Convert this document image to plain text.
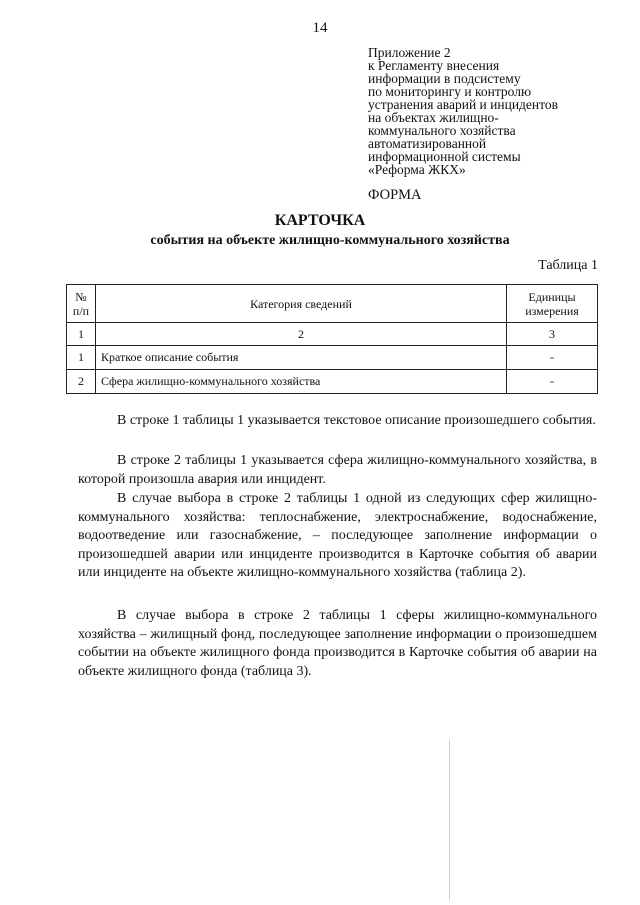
14
Приложение 2
к Регламенту внесения
информации в подсистему
по мониторингу и контролю
устранения аварий и инцидентов
на объектах жилищно-
коммунального хозяйства
автоматизированной
информационной системы
«Реформа ЖКХ»
ФОРМА
КАРТОЧКА
события на объекте жилищно-коммунального хозяйства
Таблица 1
№ п/п	Категория сведений	Единицы измерения
1	2	3
1	Краткое описание события	-
2	Сфера жилищно-коммунального хозяйства	-

В строке 1 таблицы 1 указывается текстовое описание произошедшего события.

В строке 2 таблицы 1 указывается сфера жилищно-коммунального хозяйства, в которой произошла авария или инцидент.

В случае выбора в строке 2 таблицы 1 одной из следующих сфер жилищно-коммунального хозяйства: теплоснабжение, электроснабжение, водоснабжение, водоотведение или газоснабжение, – последующее заполнение информации о произошедшей аварии или инциденте производится в Карточке события об аварии или инциденте на объекте жилищно-коммунального хозяйства (таблица 2).

В случае выбора в строке 2 таблицы 1 сферы жилищно-коммунального хозяйства – жилищный фонд, последующее заполнение информации о произошедшем событии на объекте жилищного фонда производится в Карточке события об аварии на объекте жилищного фонда (таблица 3).
